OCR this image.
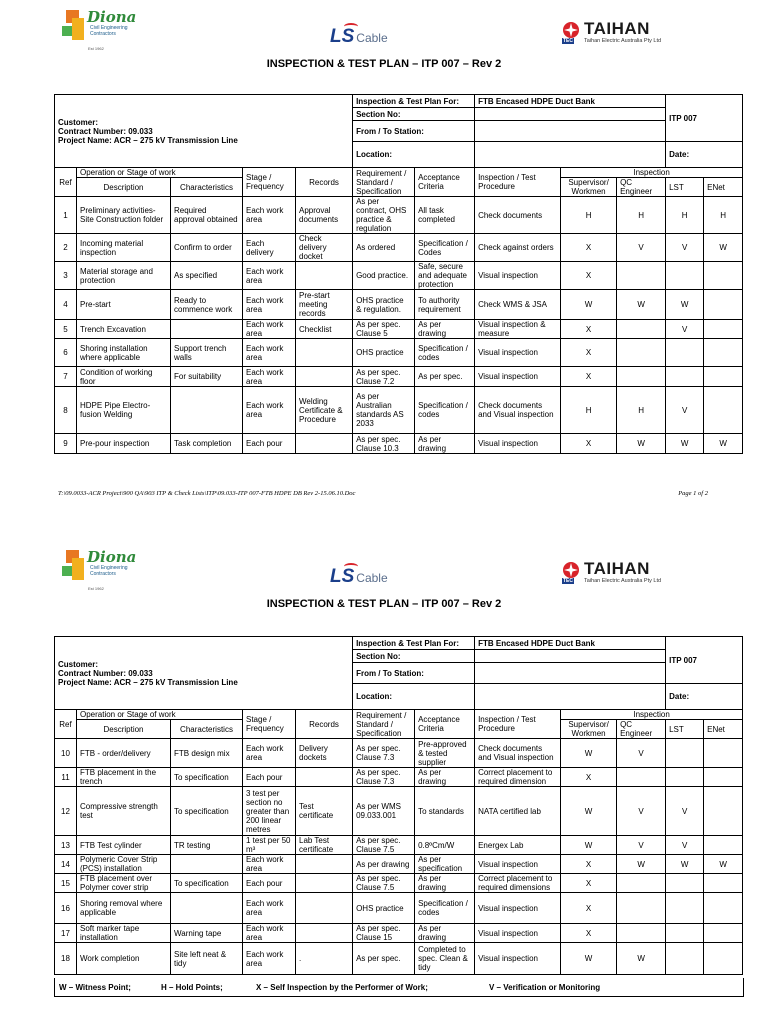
Diona
Civil Engineering Contractors
Est 1962
LS Cable	TAIHAN
TEC Taihan Electric Australia Pty Ltd
INSPECTION & TEST PLAN – ITP 007 – Rev 2
Customer:
Contract Number: 09.033
Project Name: ACR – 275 kV Transmission Line					Inspection & Test Plan For:		FTB Encased HDPE Duct Bank			ITP 007	
					Section No:						
					From / To Station:						
					Location:					Date:	
Ref	Operation or Stage of work		Stage / Frequency	Records	Requirement / Standard / Specification	Acceptance Criteria	Inspection / Test Procedure	Inspection			
	Description	Characteristics						Supervisor/ Workmen	QC Engineer	LST	ENet
1	Preliminary activities- Site Construction folder	Required approval obtained	Each work area	Approval documents	As per contract, OHS practice & regulation	All task completed	Check documents	H	H	H	H
2	Incoming material inspection	Confirm to order	Each delivery	Check delivery docket	As ordered	Specification / Codes	Check against orders	X	V	V	W
3	Material storage and protection	As specified	Each work area		Good practice.	Safe, secure and adequate protection	Visual inspection	X			
4	Pre-start	Ready to commence work	Each work area	Pre-start meeting records	OHS practice & regulation.	To authority requirement	Check WMS & JSA	W	W	W	
5	Trench Excavation		Each work area	Checklist	As per spec. Clause 5	As per drawing	Visual inspection & measure	X		V	
6	Shoring installation where applicable	Support trench walls	Each work area		OHS practice	Specification / codes	Visual inspection	X			
7	Condition of working floor	For suitability	Each work area		As per spec. Clause 7.2	As per spec.	Visual inspection	X			
8	HDPE Pipe Electro-fusion Welding		Each work area	Welding Certificate & Procedure	As per Australian standards AS 2033	Specification / codes	Check documents and Visual inspection	H	H	V	
9	Pre-pour inspection	Task completion	Each pour		As per spec. Clause 10.3	As per drawing	Visual inspection	X	W	W	W
T:\09.0033-ACR Project\900 QA\903 ITP & Check Lists\ITP\09.033-ITP 007-FTB HDPE DB Rev 2-15.06.10.Doc	Page 1 of 2
Diona
Civil Engineering Contractors
Est 1962
LS Cable	TAIHAN
TEC Taihan Electric Australia Pty Ltd
INSPECTION & TEST PLAN – ITP 007 – Rev 2
Customer:
Contract Number: 09.033
Project Name: ACR – 275 kV Transmission Line					Inspection & Test Plan For:		FTB Encased HDPE Duct Bank			ITP 007	
					Section No:						
					From / To Station:						
					Location:					Date:	
Ref	Operation or Stage of work		Stage / Frequency	Records	Requirement / Standard / Specification	Acceptance Criteria	Inspection / Test Procedure	Inspection			
	Description	Characteristics						Supervisor/ Workmen	QC Engineer	LST	ENet
10	FTB - order/delivery	FTB design mix	Each work area	Delivery dockets	As per spec. Clause 7.3	Pre-approved & tested supplier	Check documents and Visual inspection	W	V		
11	FTB placement in the trench	To specification	Each pour		As per spec. Clause 7.3	As per drawing	Correct placement to required dimension	X			
12	Compressive strength test	To specification	3 test per section no greater than 200 linear metres	Test certificate	As per WMS 09.033.001	To standards	NATA certified lab	W	V	V	
13	FTB Test cylinder	TR testing	1 test per 50 m³	Lab Test certificate	As per spec. Clause 7.5	0.8ºCm/W	Energex Lab	W	V	V	
14	Polymeric Cover Strip (PCS) installation		Each work area		As per drawing	As per specification	Visual inspection	X	W	W	W
15	FTB placement over Polymer cover strip	To specification	Each pour		As per spec. Clause 7.5	As per drawing	Correct placement to required dimensions	X			
16	Shoring removal where applicable		Each work area		OHS practice	Specification / codes	Visual inspection	X			
17	Soft marker tape installation	Warning tape	Each work area		As per spec. Clause 15	As per drawing	Visual inspection	X			
18	Work completion	Site left neat & tidy	Each work area	.	As per spec.	Completed to spec. Clean & tidy	Visual inspection	W	W		
W – Witness Point;	H – Hold Points;	X – Self Inspection by the Performer of Work;	V – Verification or Monitoring
